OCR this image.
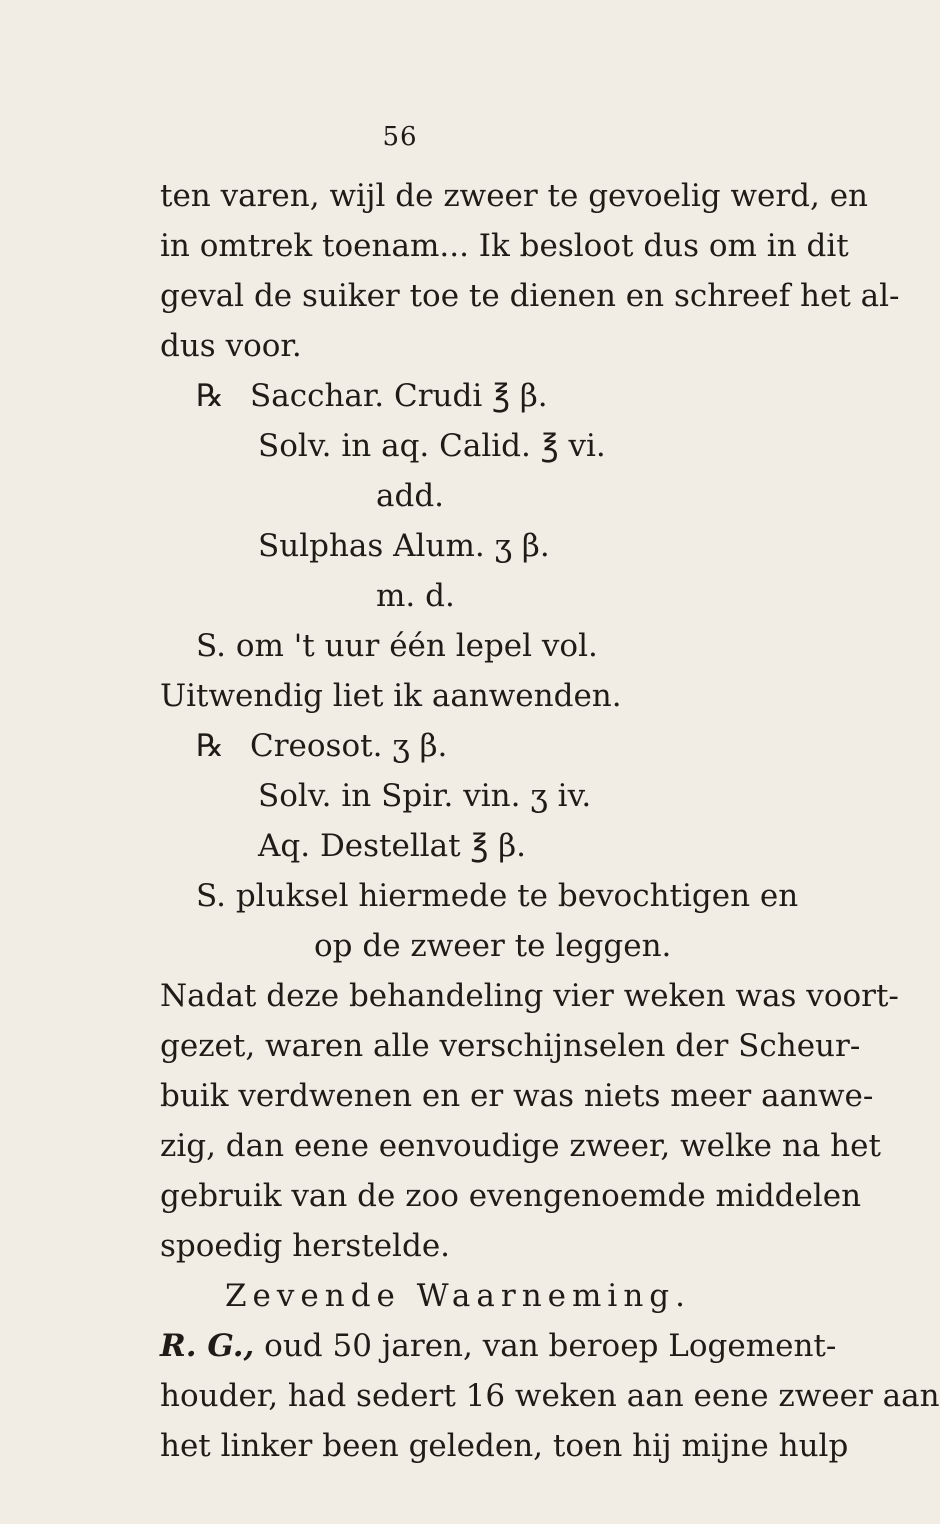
56
ten varen, wijl de zweer te gevoelig werd, en
in omtrek toenam... Ik besloot dus om in dit
geval de suiker toe te dienen en schreef het al-
dus voor.
℞ Sacchar. Crudi ℥ β.
Solv. in aq. Calid. ℥ vi.
add.
Sulphas Alum. ʒ β.
m. d.
S. om 't uur één lepel vol.
Uitwendig liet ik aanwenden.
℞ Creosot. ʒ β.
Solv. in Spir. vin. ʒ iv.
Aq. Destellat ℥ β.
S. pluksel hiermede te bevochtigen en
op de zweer te leggen.
Nadat deze behandeling vier weken was voort-
gezet, waren alle verschijnselen der Scheur-
buik verdwenen en er was niets meer aanwe-
zig, dan eene eenvoudige zweer, welke na het
gebruik van de zoo evengenoemde middelen
spoedig herstelde.
Zevende Waarneming.
R. G., oud 50 jaren, van beroep Logement-
houder, had sedert 16 weken aan eene zweer aan
het linker been geleden, toen hij mijne hulp
